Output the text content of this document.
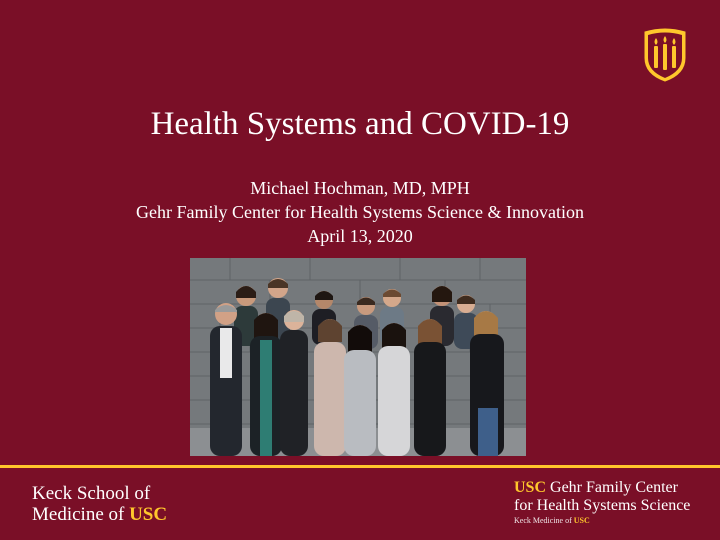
Health Systems and COVID-19
Michael Hochman, MD, MPH
Gehr Family Center for Health Systems Science & Innovation
April 13, 2020
Keck School of
Medicine of USC
USC Gehr Family Center
for Health Systems Science
Keck Medicine of USC
